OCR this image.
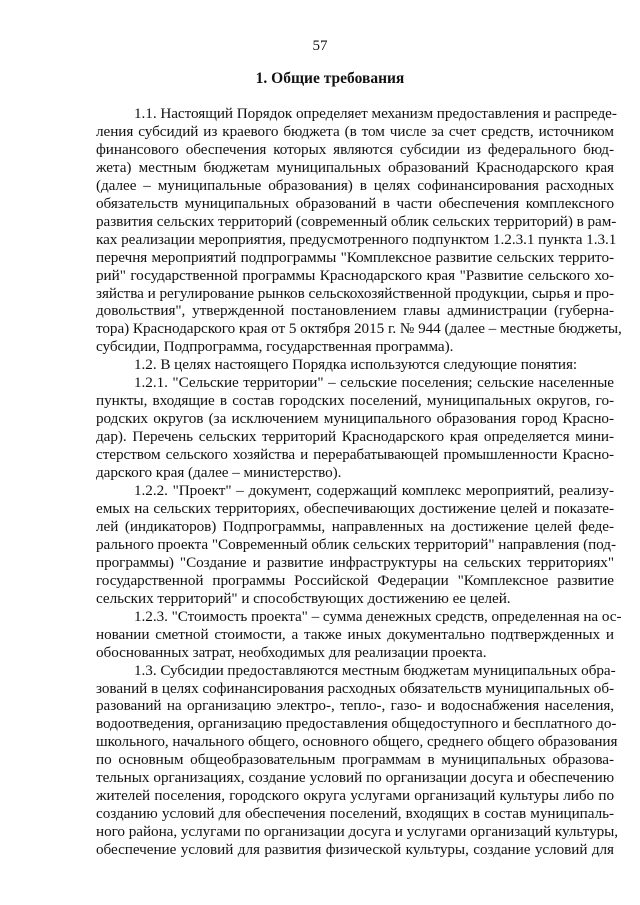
57
1. Общие требования
1.1. Настоящий Порядок определяет механизм предоставления и распреде-
ления субсидий из краевого бюджета (в том числе за счет средств, источником
финансового обеспечения которых являются субсидии из федерального бюд-
жета) местным бюджетам муниципальных образований Краснодарского края
(далее – муниципальные образования) в целях софинансирования расходных
обязательств муниципальных образований в части обеспечения комплексного
развития сельских территорий (современный облик сельских территорий) в рам-
ках реализации мероприятия, предусмотренного подпунктом 1.2.3.1 пункта 1.3.1
перечня мероприятий подпрограммы "Комплексное развитие сельских террито-
рий" государственной программы Краснодарского края "Развитие сельского хо-
зяйства и регулирование рынков сельскохозяйственной продукции, сырья и про-
довольствия", утвержденной постановлением главы администрации (губерна-
тора) Краснодарского края от 5 октября 2015 г. № 944 (далее – местные бюджеты,
субсидии, Подпрограмма, государственная программа).
1.2. В целях настоящего Порядка используются следующие понятия:
1.2.1. "Сельские территории" – сельские поселения; сельские населенные
пункты, входящие в состав городских поселений, муниципальных округов, го-
родских округов (за исключением муниципального образования город Красно-
дар). Перечень сельских территорий Краснодарского края определяется мини-
стерством сельского хозяйства и перерабатывающей промышленности Красно-
дарского края (далее – министерство).
1.2.2. "Проект" – документ, содержащий комплекс мероприятий, реализу-
емых на сельских территориях, обеспечивающих достижение целей и показате-
лей (индикаторов) Подпрограммы, направленных на достижение целей феде-
рального проекта "Современный облик сельских территорий" направления (под-
программы) "Создание и развитие инфраструктуры на сельских территориях"
государственной программы Российской Федерации "Комплексное развитие
сельских территорий" и способствующих достижению ее целей.
1.2.3. "Стоимость проекта" – сумма денежных средств, определенная на ос-
новании сметной стоимости, а также иных документально подтвержденных и
обоснованных затрат, необходимых для реализации проекта.
1.3. Субсидии предоставляются местным бюджетам муниципальных обра-
зований в целях софинансирования расходных обязательств муниципальных об-
разований на организацию электро-, тепло-, газо- и водоснабжения населения,
водоотведения, организацию предоставления общедоступного и бесплатного до-
школьного, начального общего, основного общего, среднего общего образования
по основным общеобразовательным программам в муниципальных образова-
тельных организациях, создание условий по организации досуга и обеспечению
жителей поселения, городского округа услугами организаций культуры либо по
созданию условий для обеспечения поселений, входящих в состав муниципаль-
ного района, услугами по организации досуга и услугами организаций культуры,
обеспечение условий для развития физической культуры, создание условий для
